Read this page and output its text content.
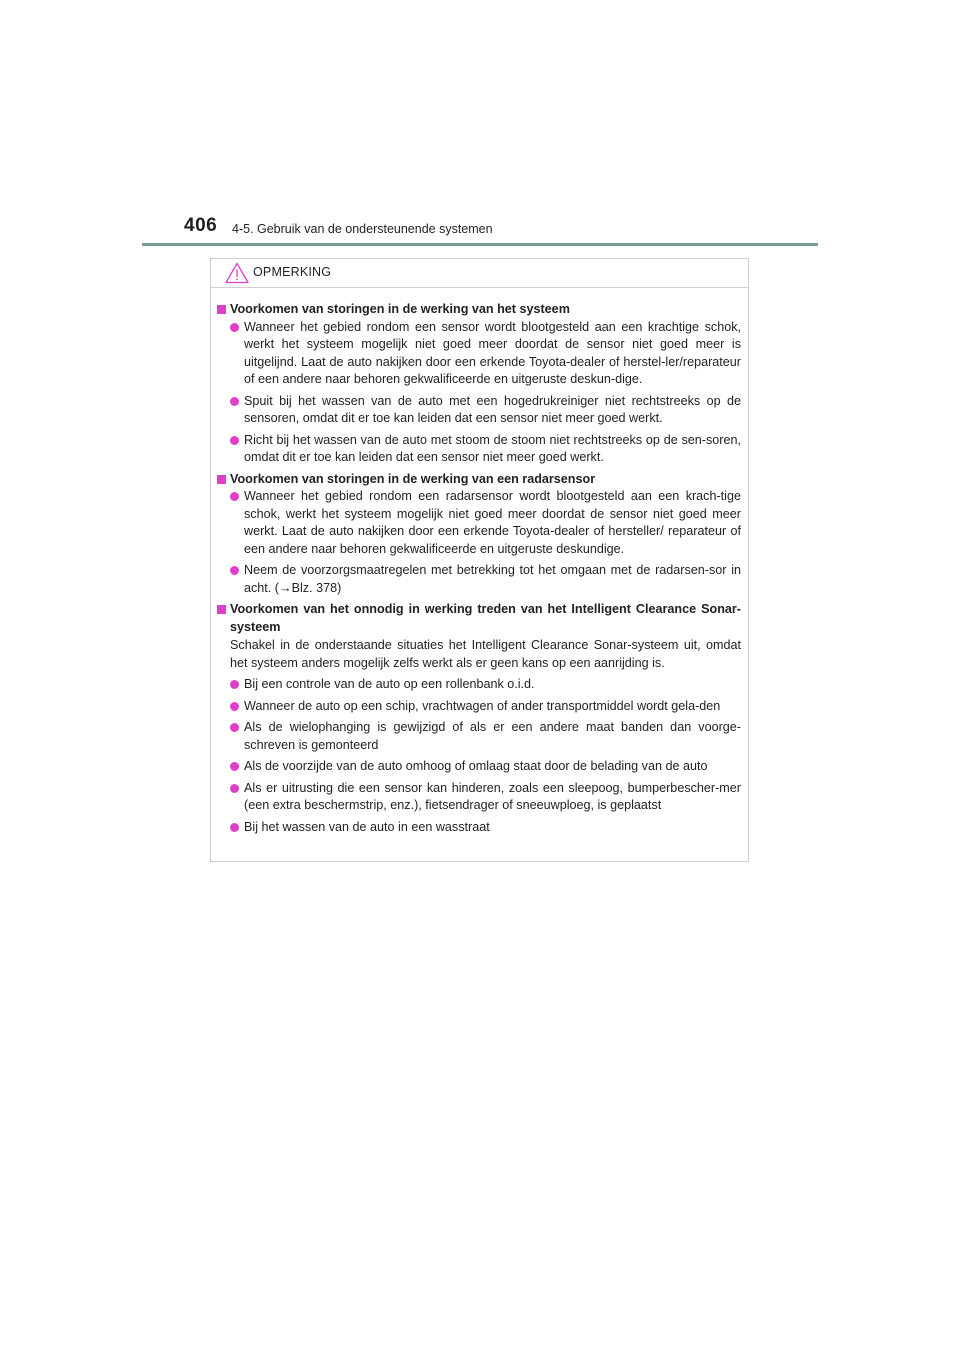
406 4-5. Gebruik van de ondersteunende systemen
OPMERKING
Voorkomen van storingen in de werking van het systeem
Wanneer het gebied rondom een sensor wordt blootgesteld aan een krachtige schok, werkt het systeem mogelijk niet goed meer doordat de sensor niet goed meer is uitgelijnd. Laat de auto nakijken door een erkende Toyota-dealer of herstel-ler/reparateur of een andere naar behoren gekwalificeerde en uitgeruste deskun-dige.
Spuit bij het wassen van de auto met een hogedrukreiniger niet rechtstreeks op de sensoren, omdat dit er toe kan leiden dat een sensor niet meer goed werkt.
Richt bij het wassen van de auto met stoom de stoom niet rechtstreeks op de sen-soren, omdat dit er toe kan leiden dat een sensor niet meer goed werkt.
Voorkomen van storingen in de werking van een radarsensor
Wanneer het gebied rondom een radarsensor wordt blootgesteld aan een krach-tige schok, werkt het systeem mogelijk niet goed meer doordat de sensor niet goed meer werkt. Laat de auto nakijken door een erkende Toyota-dealer of hersteller/ reparateur of een andere naar behoren gekwalificeerde en uitgeruste deskundige.
Neem de voorzorgsmaatregelen met betrekking tot het omgaan met de radarsen-sor in acht. (→Blz. 378)
Voorkomen van het onnodig in werking treden van het Intelligent Clearance Sonar-systeem
Schakel in de onderstaande situaties het Intelligent Clearance Sonar-systeem uit, omdat het systeem anders mogelijk zelfs werkt als er geen kans op een aanrijding is.
Bij een controle van de auto op een rollenbank o.i.d.
Wanneer de auto op een schip, vrachtwagen of ander transportmiddel wordt gela-den
Als de wielophanging is gewijzigd of als er een andere maat banden dan voorge-schreven is gemonteerd
Als de voorzijde van de auto omhoog of omlaag staat door de belading van de auto
Als er uitrusting die een sensor kan hinderen, zoals een sleepoog, bumperbescher-mer (een extra beschermstrip, enz.), fietsendrager of sneeuwploeg, is geplaatst
Bij het wassen van de auto in een wasstraat
